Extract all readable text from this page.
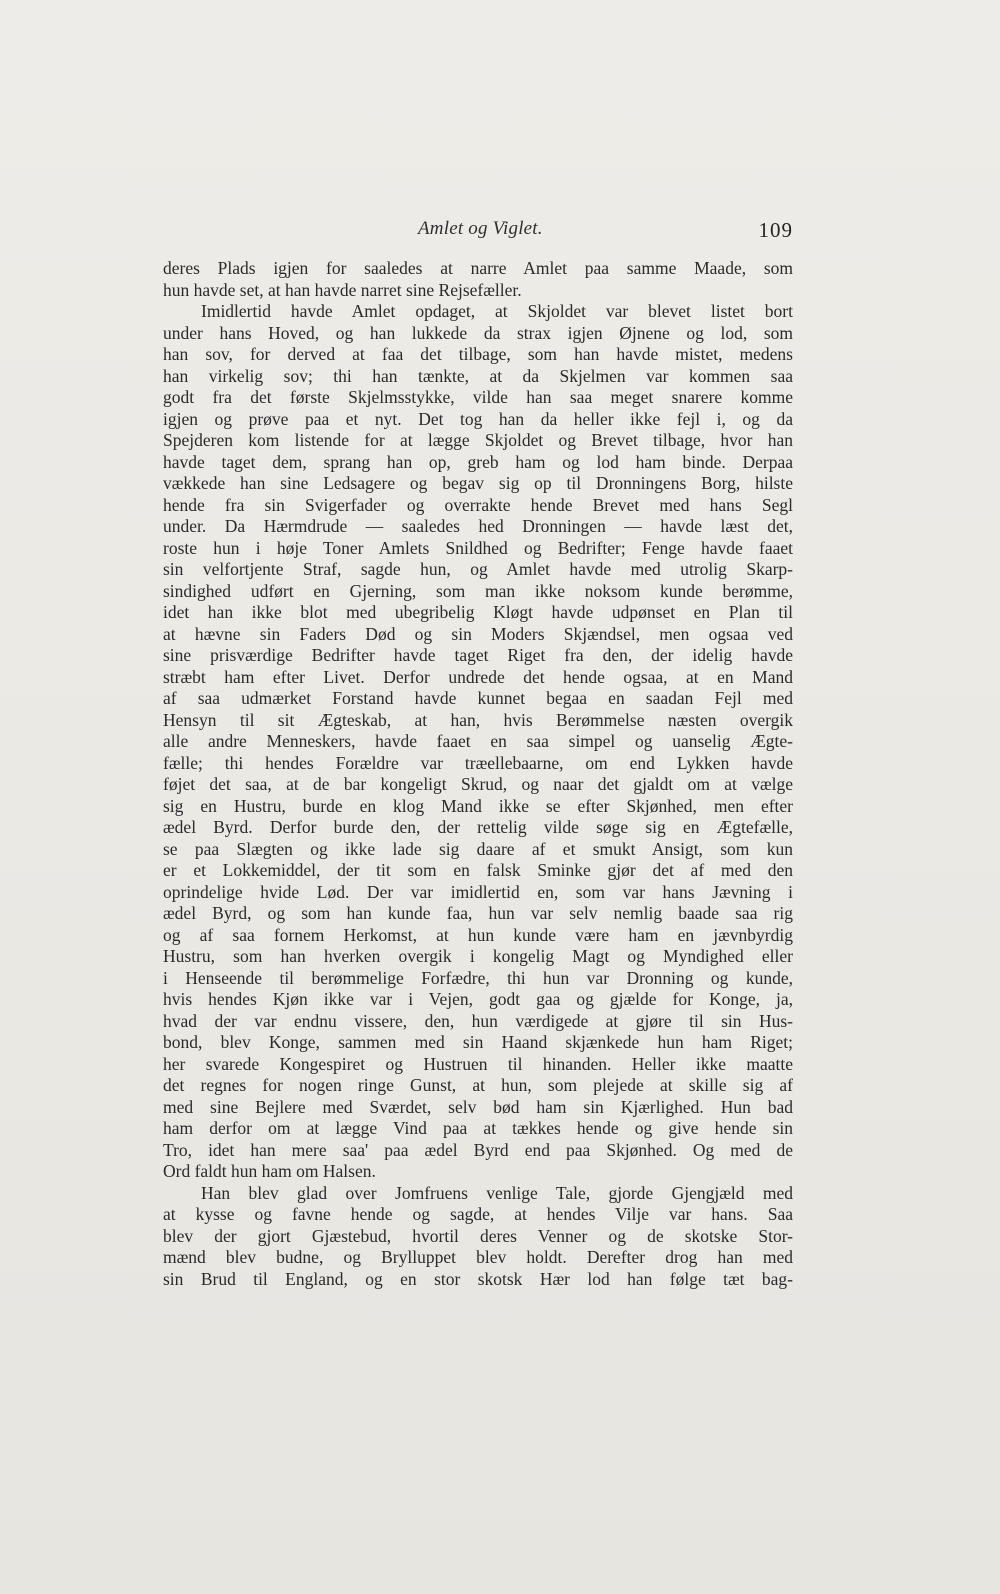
Amlet og Viglet.	109
deres Plads igjen for saaledes at narre Amlet paa samme Maade, som
hun havde set, at han havde narret sine Rejsefæller.
Imidlertid havde Amlet opdaget, at Skjoldet var blevet listet bort
under hans Hoved, og han lukkede da strax igjen Øjnene og lod, som
han sov, for derved at faa det tilbage, som han havde mistet, medens
han virkelig sov; thi han tænkte, at da Skjelmen var kommen saa
godt fra det første Skjelmsstykke, vilde han saa meget snarere komme
igjen og prøve paa et nyt. Det tog han da heller ikke fejl i, og da
Spejderen kom listende for at lægge Skjoldet og Brevet tilbage, hvor han
havde taget dem, sprang han op, greb ham og lod ham binde. Derpaa
vækkede han sine Ledsagere og begav sig op til Dronningens Borg, hilste
hende fra sin Svigerfader og overrakte hende Brevet med hans Segl
under. Da Hærmdrude — saaledes hed Dronningen — havde læst det,
roste hun i høje Toner Amlets Snildhed og Bedrifter; Fenge havde faaet
sin velfortjente Straf, sagde hun, og Amlet havde med utrolig Skarp-
sindighed udført en Gjerning, som man ikke noksom kunde berømme,
idet han ikke blot med ubegribelig Kløgt havde udpønset en Plan til
at hævne sin Faders Død og sin Moders Skjændsel, men ogsaa ved
sine prisværdige Bedrifter havde taget Riget fra den, der idelig havde
stræbt ham efter Livet. Derfor undrede det hende ogsaa, at en Mand
af saa udmærket Forstand havde kunnet begaa en saadan Fejl med
Hensyn til sit Ægteskab, at han, hvis Berømmelse næsten overgik
alle andre Menneskers, havde faaet en saa simpel og uanselig Ægte-
fælle; thi hendes Forældre var træellebaarne, om end Lykken havde
føjet det saa, at de bar kongeligt Skrud, og naar det gjaldt om at vælge
sig en Hustru, burde en klog Mand ikke se efter Skjønhed, men efter
ædel Byrd. Derfor burde den, der rettelig vilde søge sig en Ægtefælle,
se paa Slægten og ikke lade sig daare af et smukt Ansigt, som kun
er et Lokkemiddel, der tit som en falsk Sminke gjør det af med den
oprindelige hvide Lød. Der var imidlertid en, som var hans Jævning i
ædel Byrd, og som han kunde faa, hun var selv nemlig baade saa rig
og af saa fornem Herkomst, at hun kunde være ham en jævnbyrdig
Hustru, som han hverken overgik i kongelig Magt og Myndighed eller
i Henseende til berømmelige Forfædre, thi hun var Dronning og kunde,
hvis hendes Kjøn ikke var i Vejen, godt gaa og gjælde for Konge, ja,
hvad der var endnu vissere, den, hun værdigede at gjøre til sin Hus-
bond, blev Konge, sammen med sin Haand skjænkede hun ham Riget;
her svarede Kongespiret og Hustruen til hinanden. Heller ikke maatte
det regnes for nogen ringe Gunst, at hun, som plejede at skille sig af
med sine Bejlere med Sværdet, selv bød ham sin Kjærlighed. Hun bad
ham derfor om at lægge Vind paa at tækkes hende og give hende sin
Tro, idet han mere saa' paa ædel Byrd end paa Skjønhed. Og med de
Ord faldt hun ham om Halsen.
Han blev glad over Jomfruens venlige Tale, gjorde Gjengjæld med
at kysse og favne hende og sagde, at hendes Vilje var hans. Saa
blev der gjort Gjæstebud, hvortil deres Venner og de skotske Stor-
mænd blev budne, og Brylluppet blev holdt. Derefter drog han med
sin Brud til England, og en stor skotsk Hær lod han følge tæt bag-
